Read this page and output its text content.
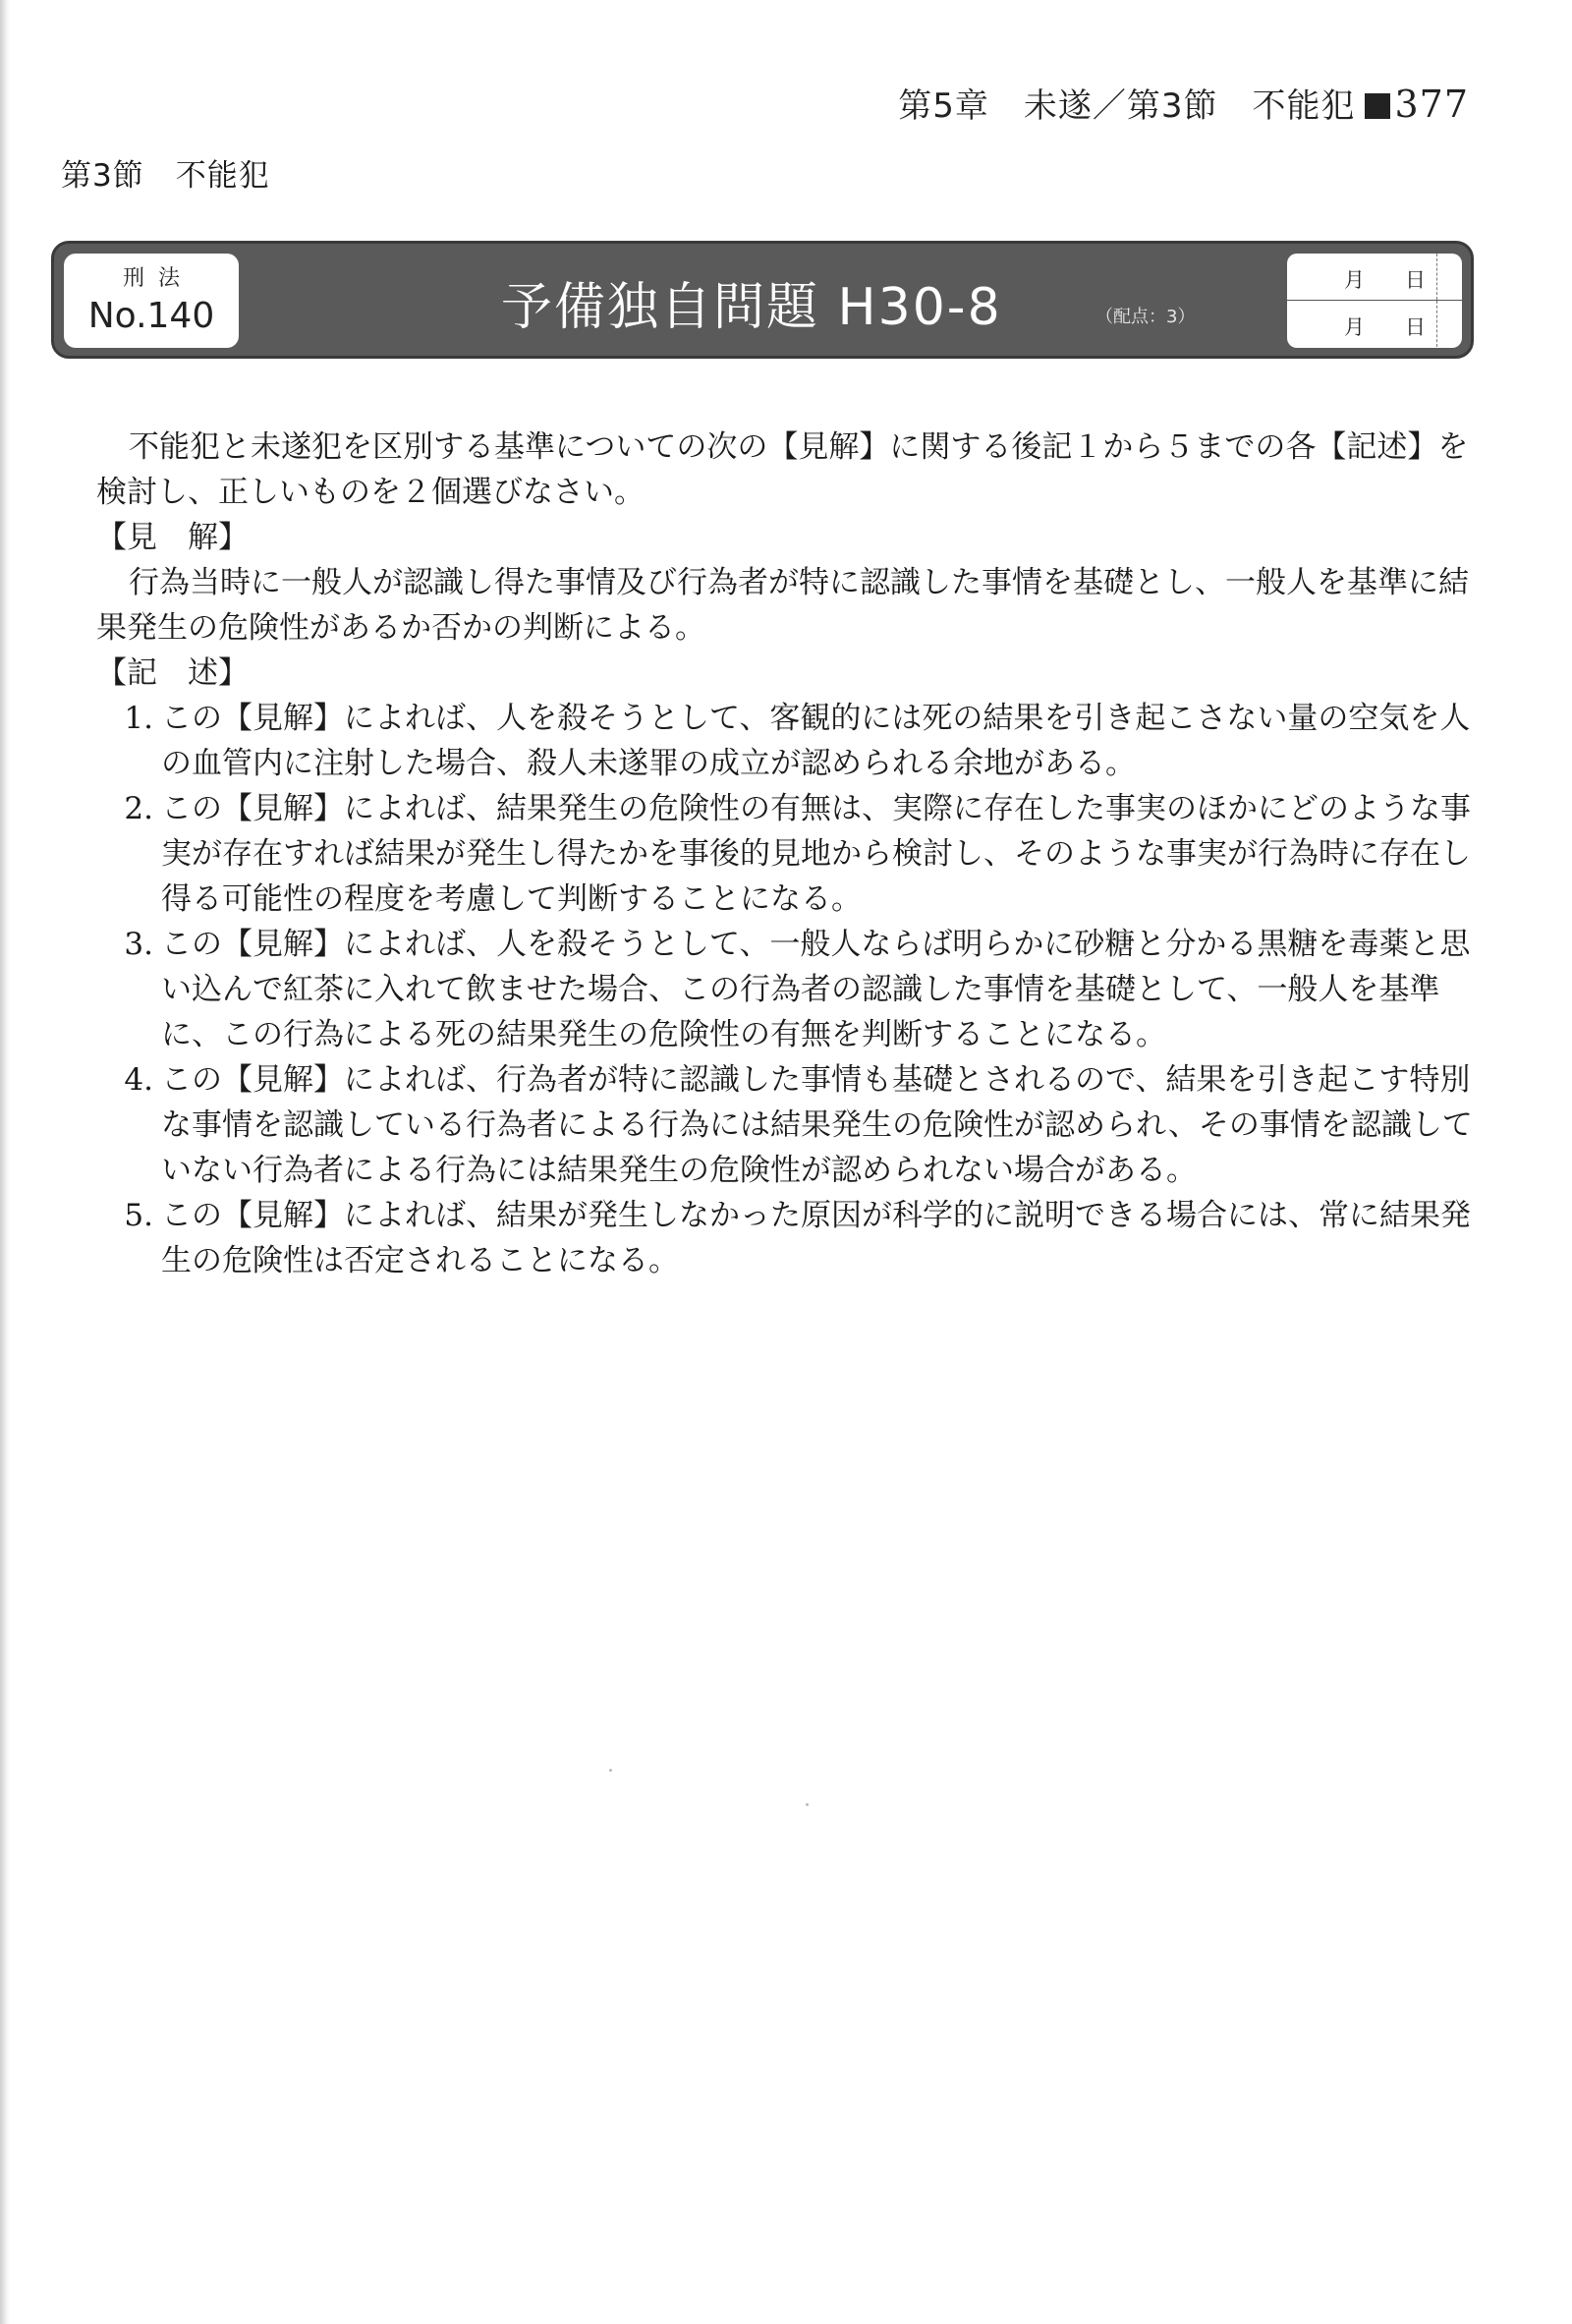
第5章　未遂／第3節　不能犯 377
第3節　不能犯
刑法
No.140	予備独自問題 H30-8	（配点：3）
月 日
月 日

不能犯と未遂犯を区別する基準についての次の【見解】に関する後記１から５までの各【記述】を検討し、正しいものを２個選びなさい。

【見　解】

行為当時に一般人が認識し得た事情及び行為者が特に認識した事情を基礎とし、一般人を基準に結果発生の危険性があるか否かの判断による。

【記　述】

1. この【見解】によれば、人を殺そうとして、客観的には死の結果を引き起こさない量の空気を人の血管内に注射した場合、殺人未遂罪の成立が認められる余地がある。
2. この【見解】によれば、結果発生の危険性の有無は、実際に存在した事実のほかにどのような事実が存在すれば結果が発生し得たかを事後的見地から検討し、そのような事実が行為時に存在し得る可能性の程度を考慮して判断することになる。
3. この【見解】によれば、人を殺そうとして、一般人ならば明らかに砂糖と分かる黒糖を毒薬と思い込んで紅茶に入れて飲ませた場合、この行為者の認識した事情を基礎として、一般人を基準に、この行為による死の結果発生の危険性の有無を判断することになる。
4. この【見解】によれば、行為者が特に認識した事情も基礎とされるので、結果を引き起こす特別な事情を認識している行為者による行為には結果発生の危険性が認められ、その事情を認識していない行為者による行為には結果発生の危険性が認められない場合がある。
5. この【見解】によれば、結果が発生しなかった原因が科学的に説明できる場合には、常に結果発生の危険性は否定されることになる。
